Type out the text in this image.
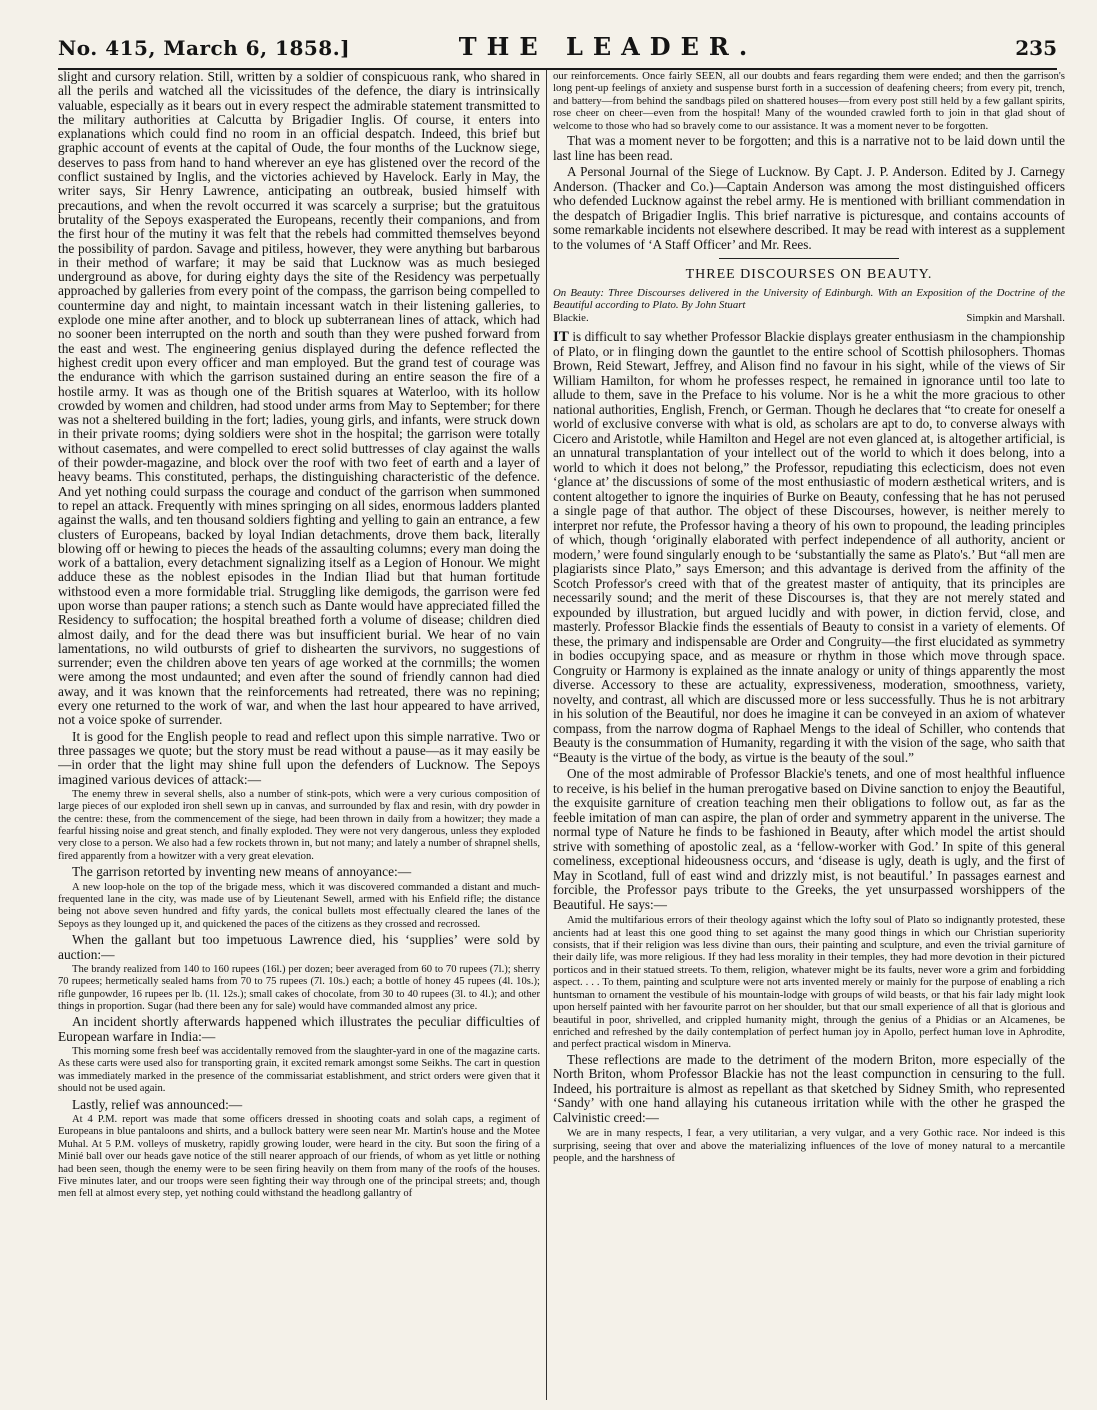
No. 415, March 6, 1858.]	THE LEADER.	235

slight and cursory relation. Still, written by a soldier of conspicuous rank, who shared in all the perils and watched all the vicissitudes of the defence, the diary is intrinsically valuable, especially as it bears out in every respect the admirable statement transmitted to the military authorities at Calcutta by Brigadier Inglis. Of course, it enters into explanations which could find no room in an official despatch. Indeed, this brief but graphic account of events at the capital of Oude, the four months of the Lucknow siege, deserves to pass from hand to hand wherever an eye has glistened over the record of the conflict sustained by Inglis, and the victories achieved by Havelock. Early in May, the writer says, Sir Henry Lawrence, anticipating an outbreak, busied himself with precautions, and when the revolt occurred it was scarcely a surprise; but the gratuitous brutality of the Sepoys exasperated the Europeans, recently their companions, and from the first hour of the mutiny it was felt that the rebels had committed themselves beyond the possibility of pardon. Savage and pitiless, however, they were anything but barbarous in their method of warfare; it may be said that Lucknow was as much besieged underground as above, for during eighty days the site of the Residency was perpetually approached by galleries from every point of the compass, the garrison being compelled to countermine day and night, to maintain incessant watch in their listening galleries, to explode one mine after another, and to block up subterranean lines of attack, which had no sooner been interrupted on the north and south than they were pushed forward from the east and west. The engineering genius displayed during the defence reflected the highest credit upon every officer and man employed. But the grand test of courage was the endurance with which the garrison sustained during an entire season the fire of a hostile army. It was as though one of the British squares at Waterloo, with its hollow crowded by women and children, had stood under arms from May to September; for there was not a sheltered building in the fort; ladies, young girls, and infants, were struck down in their private rooms; dying soldiers were shot in the hospital; the garrison were totally without casemates, and were compelled to erect solid buttresses of clay against the walls of their powder-magazine, and block over the roof with two feet of earth and a layer of heavy beams. This constituted, perhaps, the distinguishing characteristic of the defence. And yet nothing could surpass the courage and conduct of the garrison when summoned to repel an attack. Frequently with mines springing on all sides, enormous ladders planted against the walls, and ten thousand soldiers fighting and yelling to gain an entrance, a few clusters of Europeans, backed by loyal Indian detachments, drove them back, literally blowing off or hewing to pieces the heads of the assaulting columns; every man doing the work of a battalion, every detachment signalizing itself as a Legion of Honour. We might adduce these as the noblest episodes in the Indian Iliad but that human fortitude withstood even a more formidable trial. Struggling like demigods, the garrison were fed upon worse than pauper rations; a stench such as Dante would have appreciated filled the Residency to suffocation; the hospital breathed forth a volume of disease; children died almost daily, and for the dead there was but insufficient burial. We hear of no vain lamentations, no wild outbursts of grief to dishearten the survivors, no suggestions of surrender; even the children above ten years of age worked at the cornmills; the women were among the most undaunted; and even after the sound of friendly cannon had died away, and it was known that the reinforcements had retreated, there was no repining; every one returned to the work of war, and when the last hour appeared to have arrived, not a voice spoke of surrender.

It is good for the English people to read and reflect upon this simple narrative. Two or three passages we quote; but the story must be read without a pause—as it may easily be—in order that the light may shine full upon the defenders of Lucknow. The Sepoys imagined various devices of attack:—

The enemy threw in several shells, also a number of stink-pots, which were a very curious composition of large pieces of our exploded iron shell sewn up in canvas, and surrounded by flax and resin, with dry powder in the centre: these, from the commencement of the siege, had been thrown in daily from a howitzer; they made a fearful hissing noise and great stench, and finally exploded. They were not very dangerous, unless they exploded very close to a person. We also had a few rockets thrown in, but not many; and lately a number of shrapnel shells, fired apparently from a howitzer with a very great elevation.

The garrison retorted by inventing new means of annoyance:—

A new loop-hole on the top of the brigade mess, which it was discovered commanded a distant and much-frequented lane in the city, was made use of by Lieutenant Sewell, armed with his Enfield rifle; the distance being not above seven hundred and fifty yards, the conical bullets most effectually cleared the lanes of the Sepoys as they lounged up it, and quickened the paces of the citizens as they crossed and recrossed.

When the gallant but too impetuous Lawrence died, his ‘supplies’ were sold by auction:—

The brandy realized from 140 to 160 rupees (16l.) per dozen; beer averaged from 60 to 70 rupees (7l.); sherry 70 rupees; hermetically sealed hams from 70 to 75 rupees (7l. 10s.) each; a bottle of honey 45 rupees (4l. 10s.); rifle gunpowder, 16 rupees per lb. (1l. 12s.); small cakes of chocolate, from 30 to 40 rupees (3l. to 4l.); and other things in proportion. Sugar (had there been any for sale) would have commanded almost any price.

An incident shortly afterwards happened which illustrates the peculiar difficulties of European warfare in India:—

This morning some fresh beef was accidentally removed from the slaughter-yard in one of the magazine carts. As these carts were used also for transporting grain, it excited remark amongst some Seikhs. The cart in question was immediately marked in the presence of the commissariat establishment, and strict orders were given that it should not be used again.

Lastly, relief was announced:—

At 4 P.M. report was made that some officers dressed in shooting coats and solah caps, a regiment of Europeans in blue pantaloons and shirts, and a bullock battery were seen near Mr. Martin's house and the Motee Muhal. At 5 P.M. volleys of musketry, rapidly growing louder, were heard in the city. But soon the firing of a Minié ball over our heads gave notice of the still nearer approach of our friends, of whom as yet little or nothing had been seen, though the enemy were to be seen firing heavily on them from many of the roofs of the houses. Five minutes later, and our troops were seen fighting their way through one of the principal streets; and, though men fell at almost every step, yet nothing could withstand the headlong gallantry of

our reinforcements. Once fairly SEEN, all our doubts and fears regarding them were ended; and then the garrison's long pent-up feelings of anxiety and suspense burst forth in a succession of deafening cheers; from every pit, trench, and battery—from behind the sandbags piled on shattered houses—from every post still held by a few gallant spirits, rose cheer on cheer—even from the hospital! Many of the wounded crawled forth to join in that glad shout of welcome to those who had so bravely come to our assistance. It was a moment never to be forgotten.

That was a moment never to be forgotten; and this is a narrative not to be laid down until the last line has been read.

A Personal Journal of the Siege of Lucknow. By Capt. J. P. Anderson. Edited by J. Carnegy Anderson. (Thacker and Co.)—Captain Anderson was among the most distinguished officers who defended Lucknow against the rebel army. He is mentioned with brilliant commendation in the despatch of Brigadier Inglis. This brief narrative is picturesque, and contains accounts of some remarkable incidents not elsewhere described. It may be read with interest as a supplement to the volumes of ‘A Staff Officer’ and Mr. Rees.

THREE DISCOURSES ON BEAUTY.
On Beauty: Three Discourses delivered in the University of Edinburgh. With an Exposition of the Doctrine of the Beautiful according to Plato. By John Stuart
Blackie.	Simpkin and Marshall.

IT is difficult to say whether Professor Blackie displays greater enthusiasm in the championship of Plato, or in flinging down the gauntlet to the entire school of Scottish philosophers. Thomas Brown, Reid Stewart, Jeffrey, and Alison find no favour in his sight, while of the views of Sir William Hamilton, for whom he professes respect, he remained in ignorance until too late to allude to them, save in the Preface to his volume. Nor is he a whit the more gracious to other national authorities, English, French, or German. Though he declares that “to create for oneself a world of exclusive converse with what is old, as scholars are apt to do, to converse always with Cicero and Aristotle, while Hamilton and Hegel are not even glanced at, is altogether artificial, is an unnatural transplantation of your intellect out of the world to which it does belong, into a world to which it does not belong,” the Professor, repudiating this eclecticism, does not even ‘glance at’ the discussions of some of the most enthusiastic of modern æsthetical writers, and is content altogether to ignore the inquiries of Burke on Beauty, confessing that he has not perused a single page of that author. The object of these Discourses, however, is neither merely to interpret nor refute, the Professor having a theory of his own to propound, the leading principles of which, though ‘originally elaborated with perfect independence of all authority, ancient or modern,’ were found singularly enough to be ‘substantially the same as Plato's.’ But “all men are plagiarists since Plato,” says Emerson; and this advantage is derived from the affinity of the Scotch Professor's creed with that of the greatest master of antiquity, that its principles are necessarily sound; and the merit of these Discourses is, that they are not merely stated and expounded by illustration, but argued lucidly and with power, in diction fervid, close, and masterly. Professor Blackie finds the essentials of Beauty to consist in a variety of elements. Of these, the primary and indispensable are Order and Congruity—the first elucidated as symmetry in bodies occupying space, and as measure or rhythm in those which move through space. Congruity or Harmony is explained as the innate analogy or unity of things apparently the most diverse. Accessory to these are actuality, expressiveness, moderation, smoothness, variety, novelty, and contrast, all which are discussed more or less successfully. Thus he is not arbitrary in his solution of the Beautiful, nor does he imagine it can be conveyed in an axiom of whatever compass, from the narrow dogma of Raphael Mengs to the ideal of Schiller, who contends that Beauty is the consummation of Humanity, regarding it with the vision of the sage, who saith that “Beauty is the virtue of the body, as virtue is the beauty of the soul.”

One of the most admirable of Professor Blackie's tenets, and one of most healthful influence to receive, is his belief in the human prerogative based on Divine sanction to enjoy the Beautiful, the exquisite garniture of creation teaching men their obligations to follow out, as far as the feeble imitation of man can aspire, the plan of order and symmetry apparent in the universe. The normal type of Nature he finds to be fashioned in Beauty, after which model the artist should strive with something of apostolic zeal, as a ‘fellow-worker with God.’ In spite of this general comeliness, exceptional hideousness occurs, and ‘disease is ugly, death is ugly, and the first of May in Scotland, full of east wind and drizzly mist, is not beautiful.’ In passages earnest and forcible, the Professor pays tribute to the Greeks, the yet unsurpassed worshippers of the Beautiful. He says:—

Amid the multifarious errors of their theology against which the lofty soul of Plato so indignantly protested, these ancients had at least this one good thing to set against the many good things in which our Christian superiority consists, that if their religion was less divine than ours, their painting and sculpture, and even the trivial garniture of their daily life, was more religious. If they had less morality in their temples, they had more devotion in their pictured porticos and in their statued streets. To them, religion, whatever might be its faults, never wore a grim and forbidding aspect. . . . To them, painting and sculpture were not arts invented merely or mainly for the purpose of enabling a rich huntsman to ornament the vestibule of his mountain-lodge with groups of wild beasts, or that his fair lady might look upon herself painted with her favourite parrot on her shoulder, but that our small experience of all that is glorious and beautiful in poor, shrivelled, and crippled humanity might, through the genius of a Phidias or an Alcamenes, be enriched and refreshed by the daily contemplation of perfect human joy in Apollo, perfect human love in Aphrodite, and perfect practical wisdom in Minerva.

These reflections are made to the detriment of the modern Briton, more especially of the North Briton, whom Professor Blackie has not the least compunction in censuring to the full. Indeed, his portraiture is almost as repellant as that sketched by Sidney Smith, who represented ‘Sandy’ with one hand allaying his cutaneous irritation while with the other he grasped the Calvinistic creed:—

We are in many respects, I fear, a very utilitarian, a very vulgar, and a very Gothic race. Nor indeed is this surprising, seeing that over and above the materializing influences of the love of money natural to a mercantile people, and the harshness of
